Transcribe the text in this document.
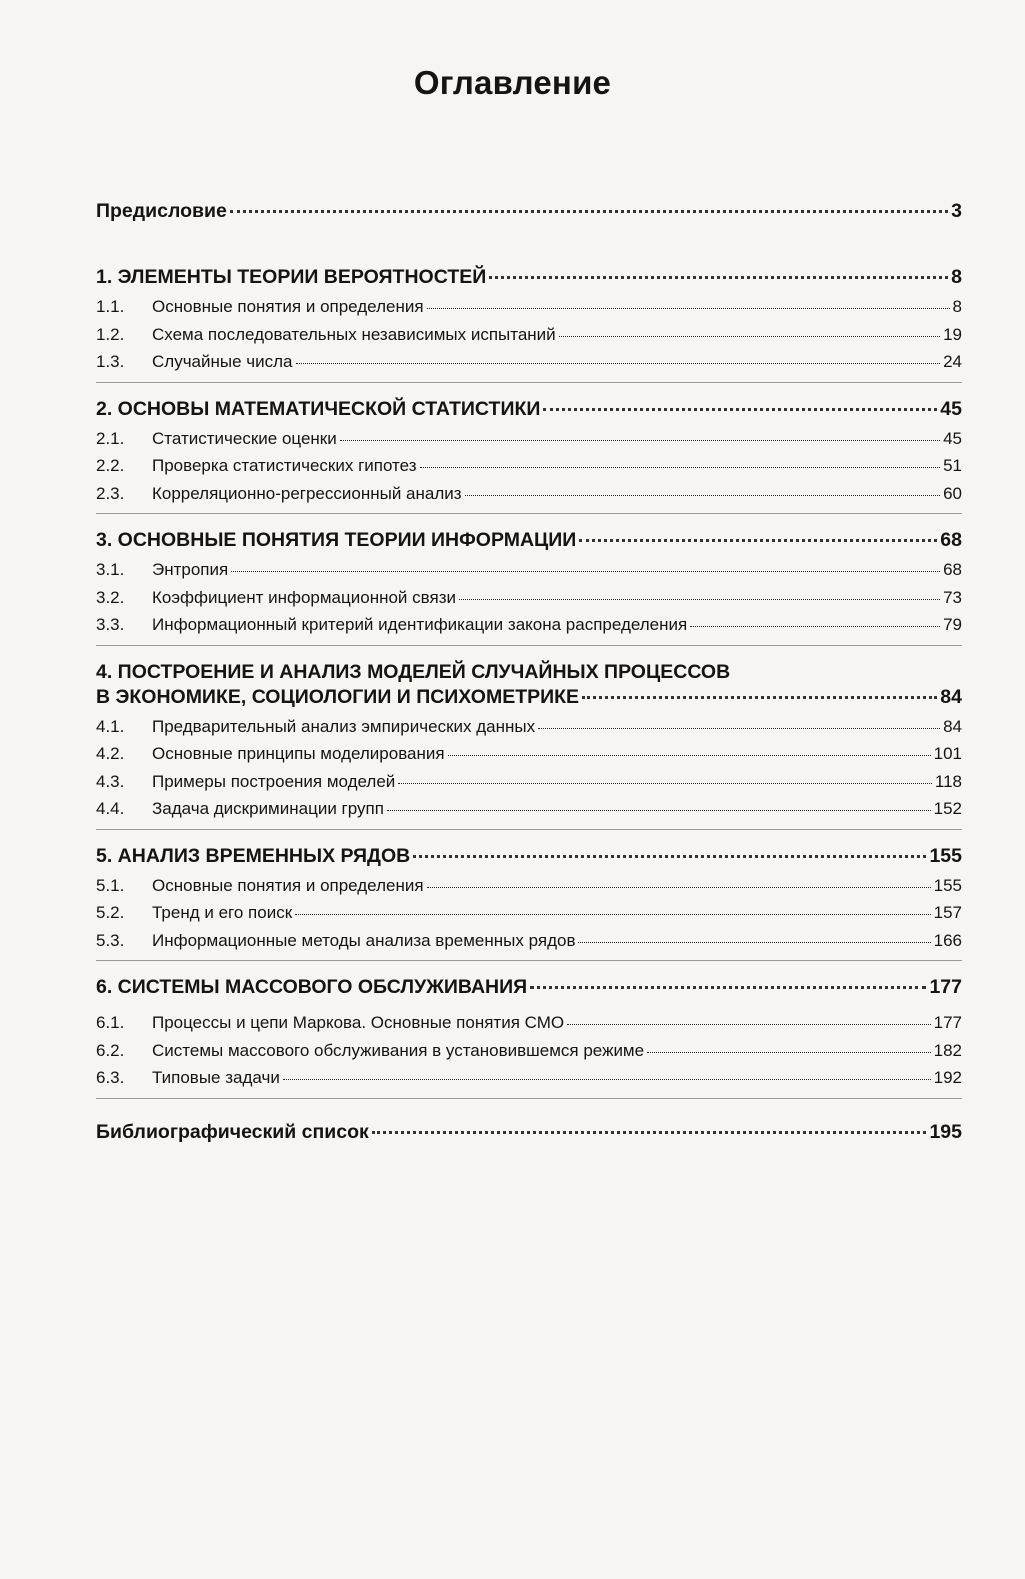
Оглавление
Предисловие	3
1. ЭЛЕМЕНТЫ ТЕОРИИ ВЕРОЯТНОСТЕЙ	8
1.1.	Основные понятия и определения	8
1.2.	Схема последовательных независимых испытаний	19
1.3.	Случайные числа	24
2. ОСНОВЫ МАТЕМАТИЧЕСКОЙ СТАТИСТИКИ	45
2.1.	Статистические оценки	45
2.2.	Проверка статистических гипотез	51
2.3.	Корреляционно-регрессионный анализ	60
3. ОСНОВНЫЕ ПОНЯТИЯ ТЕОРИИ ИНФОРМАЦИИ	68
3.1.	Энтропия	68
3.2.	Коэффициент информационной связи	73
3.3.	Информационный критерий идентификации закона распределения	79
4. ПОСТРОЕНИЕ И АНАЛИЗ МОДЕЛЕЙ СЛУЧАЙНЫХ ПРОЦЕССОВ
В ЭКОНОМИКЕ, СОЦИОЛОГИИ И ПСИХОМЕТРИКЕ	84
4.1.	Предварительный анализ эмпирических данных	84
4.2.	Основные принципы моделирования	101
4.3.	Примеры построения моделей	118
4.4.	Задача дискриминации групп	152
5. АНАЛИЗ ВРЕМЕННЫХ РЯДОВ	155
5.1.	Основные понятия и определения	155
5.2.	Тренд и его поиск	157
5.3.	Информационные методы анализа временных рядов	166
6. СИСТЕМЫ МАССОВОГО ОБСЛУЖИВАНИЯ	177
6.1.	Процессы и цепи Маркова. Основные понятия СМО	177
6.2.	Системы массового обслуживания в установившемся режиме	182
6.3.	Типовые задачи	192
Библиографический список	195
